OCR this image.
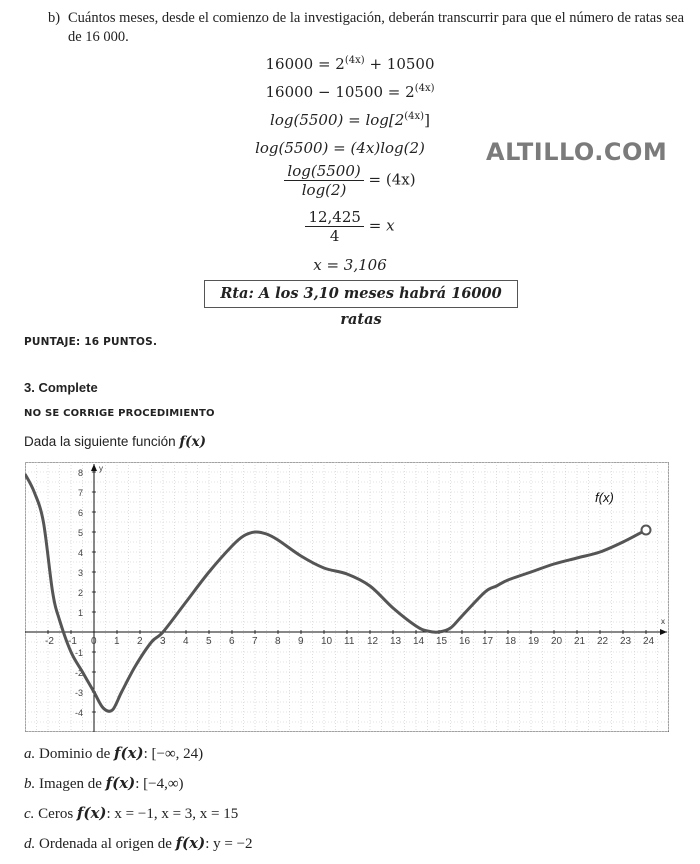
b) Cuántos meses, desde el comienzo de la investigación, deberán transcurrir para que el número de ratas sea de 16 000.
$16000 = 2^{(4x)} + 10500$
$16000 - 10500 = 2^{(4x)}$
$\log(5500) = \log[2^{(4x)}]$
log(5500) = (4x)log(2)
$\frac{\log(5500)}{\log(2)} = (4x)$
$\frac{12,425}{4} = x$
x = 3,106
Rta: A los 3,10 meses habrá 16000 ratas
ALTILLO.COM
PUNTAJE: 16 PUNTOS.
3. Complete
NO SE CORRIGE PROCEDIMIENTO
Dada la siguiente función f(x)
x
y
-2 -1 0 1 2 3 4 5 6 7 8 9 10 11 12 13 14 15 16 17 18 19 20 21 22 23 24
-4
-3
-2
-1
1
2
3
4
5
6
7
8
f(x)
a. Dominio de f(x): [−∞, 24)
b. Imagen de f(x): [−4,∞)
c. Ceros f(x): x = −1, x = 3, x = 15
d. Ordenada al origen de f(x): y = −2
